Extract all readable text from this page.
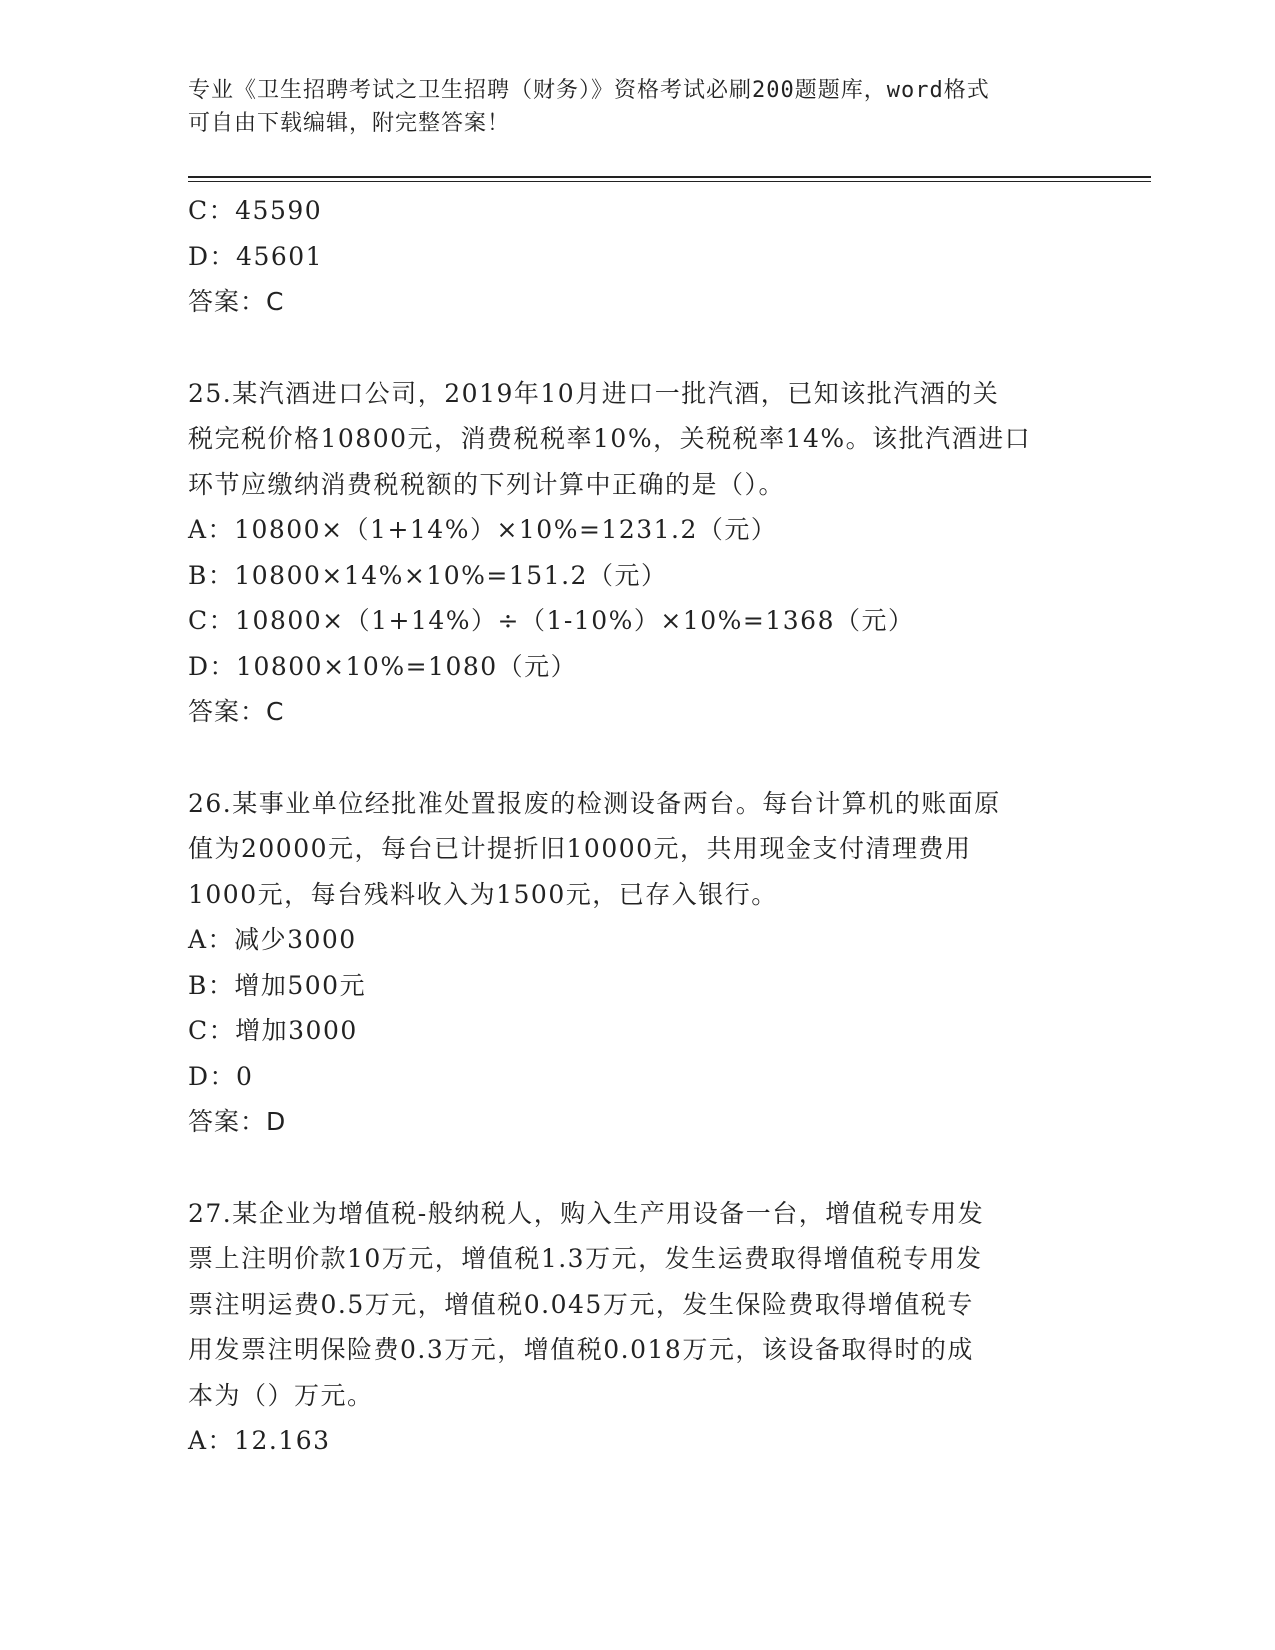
专业《卫生招聘考试之卫生招聘（财务）》资格考试必刷200题题库，word格式
可自由下载编辑，附完整答案！
C：45590
D：45601
答案：C
25.某汽酒进口公司，2019年10月进口一批汽酒，已知该批汽酒的关
税完税价格10800元，消费税税率10%，关税税率14%。该批汽酒进口
环节应缴纳消费税税额的下列计算中正确的是（）。
A：10800×（1+14%）×10%=1231.2（元）
B：10800×14%×10%=151.2（元）
C：10800×（1+14%）÷（1-10%）×10%=1368（元）
D：10800×10%=1080（元）
答案：C
26.某事业单位经批准处置报废的检测设备两台。每台计算机的账面原
值为20000元，每台已计提折旧10000元，共用现金支付清理费用
1000元，每台残料收入为1500元，已存入银行。
A：减少3000
B：增加500元
C：增加3000
D：0
答案：D
27.某企业为增值税-般纳税人，购入生产用设备一台，增值税专用发
票上注明价款10万元，增值税1.3万元，发生运费取得增值税专用发
票注明运费0.5万元，增值税0.045万元，发生保险费取得增值税专
用发票注明保险费0.3万元，增值税0.018万元，该设备取得时的成
本为（）万元。
A：12.163
